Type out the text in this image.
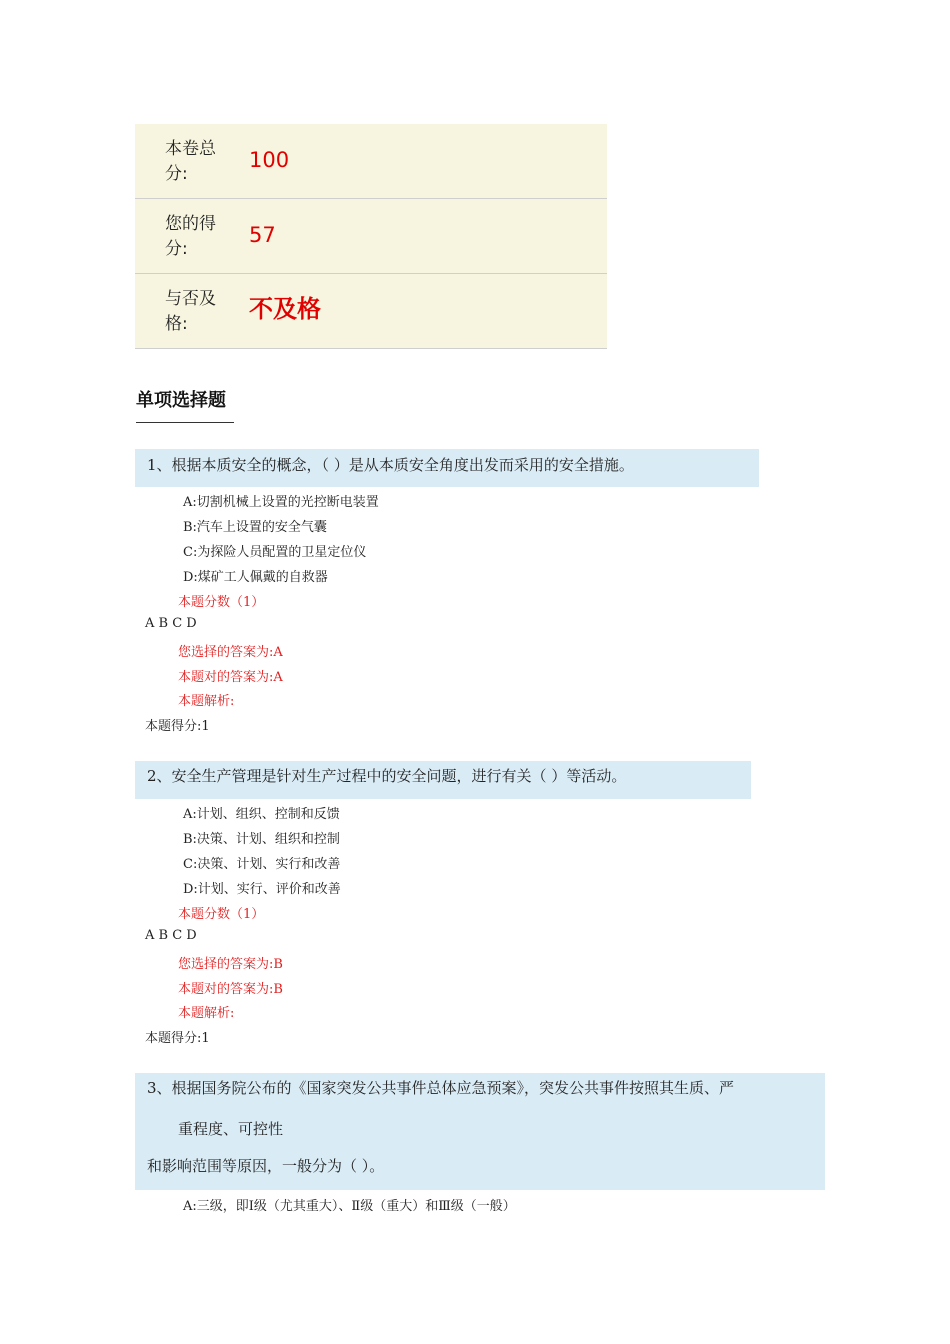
本卷总分:
100
您的得分:
57
与否及格:
不及格
单项选择题
1、根据本质安全的概念，（ ）是从本质安全角度出发而采用的安全措施。
A:切割机械上设置的光控断电装置
B:汽车上设置的安全气囊
C:为探险人员配置的卫星定位仪
D:煤矿工人佩戴的自救器
本题分数（1）
A B C D
您选择的答案为:A
本题对的答案为:A
本题解析:
本题得分:1
2、安全生产管理是针对生产过程中的安全问题，进行有关（ ）等活动。
A:计划、组织、控制和反馈
B:决策、计划、组织和控制
C:决策、计划、实行和改善
D:计划、实行、评价和改善
本题分数（1）
A B C D
您选择的答案为:B
本题对的答案为:B
本题解析:
本题得分:1
3、根据国务院公布的《国家突发公共事件总体应急预案》，突发公共事件按照其生质、严
重程度、可控性
和影响范围等原因，一般分为（ ）。
A:三级，即Ⅰ级（尤其重大）、Ⅱ级（重大）和Ⅲ级（一般）
